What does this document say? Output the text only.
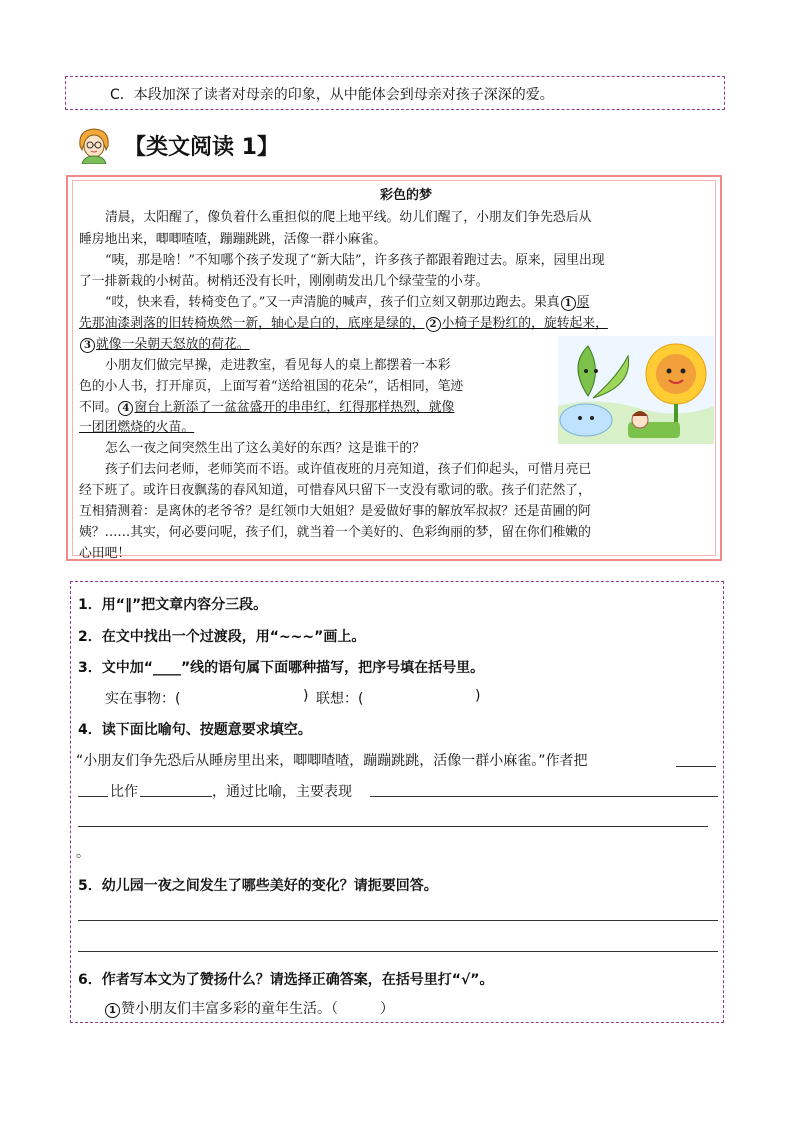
C．本段加深了读者对母亲的印象，从中能体会到母亲对孩子深深的爱。
【类文阅读 1】
彩色的梦
清晨，太阳醒了，像负着什么重担似的爬上地平线。幼儿们醒了，小朋友们争先恐后从
睡房地出来，唧唧喳喳，蹦蹦跳跳，活像一群小麻雀。
“咦，那是啥！”不知哪个孩子发现了“新大陆”，许多孩子都跟着跑过去。原来，园里出现
了一排新栽的小树苗。树梢还没有长叶，刚刚萌发出几个绿莹莹的小芽。
“哎，快来看，转椅变色了。”又一声清脆的喊声，孩子们立刻又朝那边跑去。果真 1 原
先那油漆剥落的旧转椅焕然一新，轴心是白的，底座是绿的， 2 小椅子是粉红的，旋转起来，
3 就像一朵朝天怒放的荷花。
小朋友们做完早操，走进教室，看见每人的桌上都摆着一本彩
色的小人书，打开扉页，上面写着“送给祖国的花朵”，话相同，笔迹
不同。 4 窗台上新添了一盆盆盛开的串串红，红得那样热烈，就像
一团团燃烧的火苗。
怎么一夜之间突然生出了这么美好的东西？这是谁干的？
孩子们去问老师，老师笑而不语。或许值夜班的月亮知道，孩子们仰起头，可惜月亮已
经下班了。或许日夜飘荡的春风知道，可惜春风只留下一支没有歌词的歌。孩子们茫然了，
互相猜测着：是离休的老爷爷？是红领巾大姐姐？是爱做好事的解放军叔叔？还是苗圃的阿
姨？……其实，何必要问呢，孩子们，就当着一个美好的、色彩绚丽的梦，留在你们稚嫩的
心田吧！
1．用“‖”把文章内容分三段。
2．在文中找出一个过渡段，用“~~~”画上。
3．文中加“____”线的语句属下面哪种描写，把序号填在括号里。
实在事物：(	) 联想：(	)
4．读下面比喻句、按题意要求填空。
“小朋友们争先恐后从睡房里出来，唧唧喳喳，蹦蹦跳跳，活像一群小麻雀。”作者把
比作	，通过比喻，主要表现
。
5．幼儿园一夜之间发生了哪些美好的变化？请扼要回答。
6．作者写本文为了赞扬什么？请选择正确答案，在括号里打“√”。
1 赞小朋友们丰富多彩的童年生活。（	）
